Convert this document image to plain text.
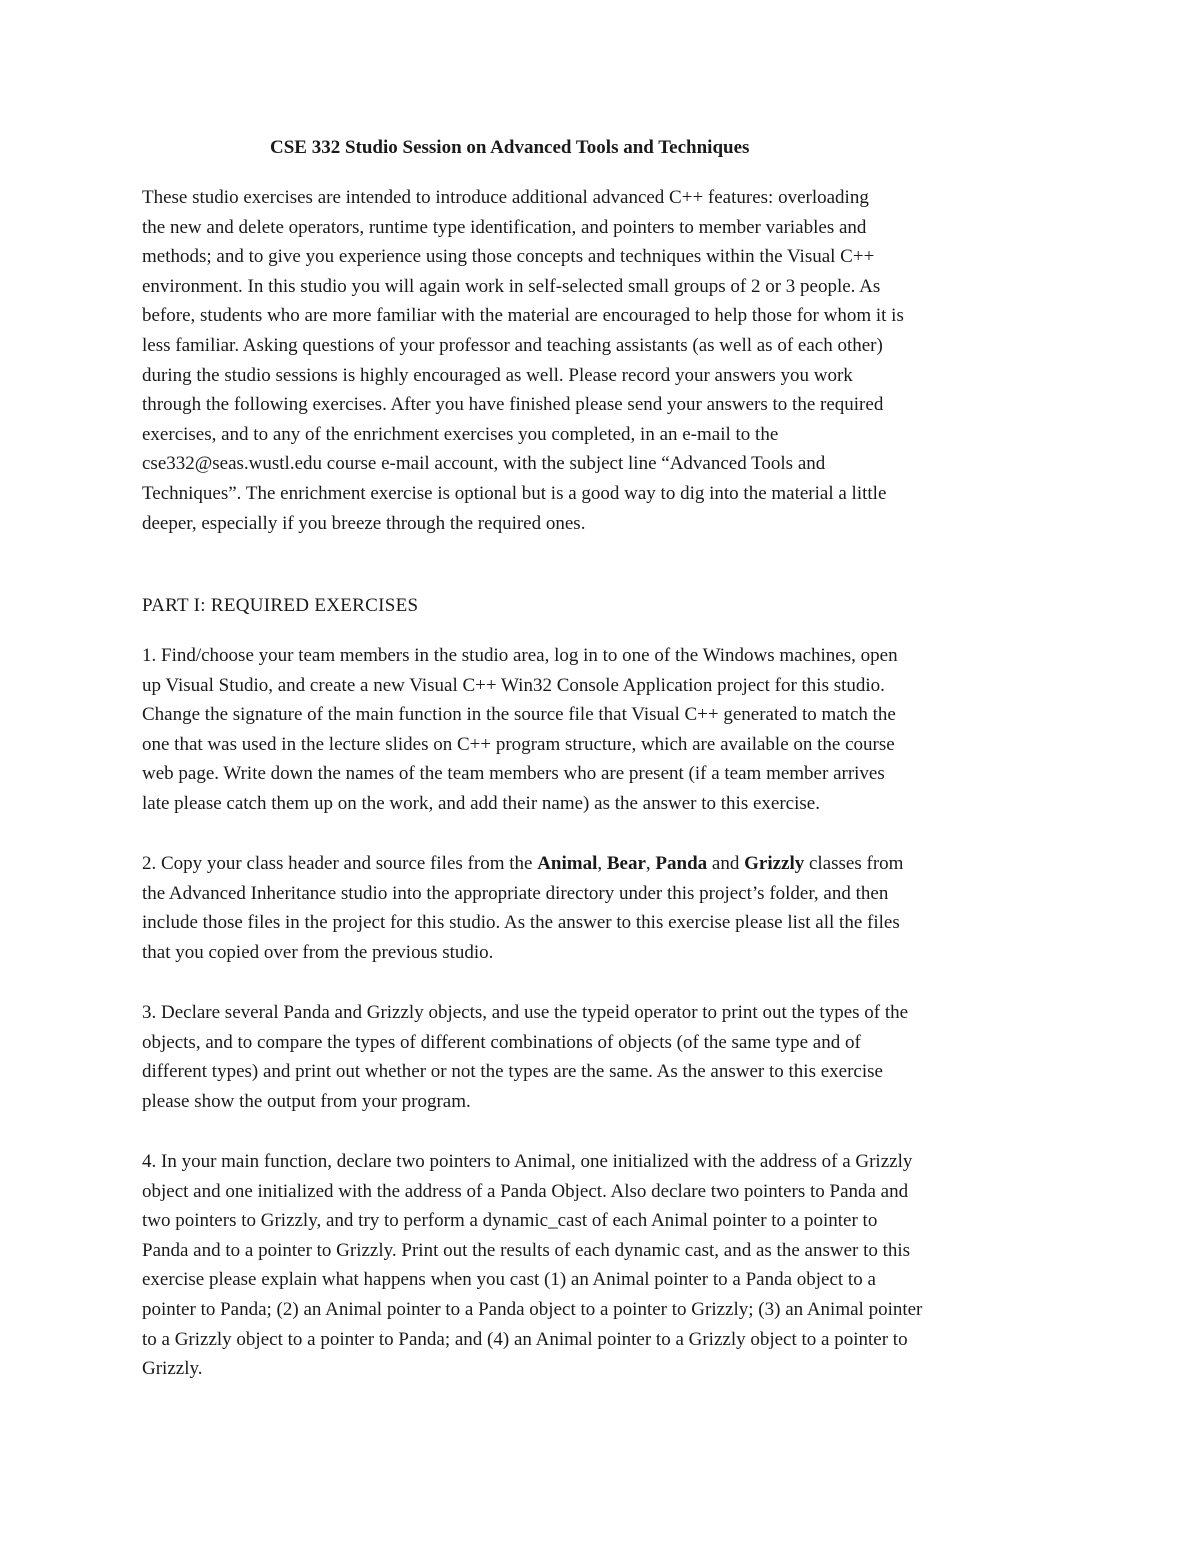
CSE 332 Studio Session on Advanced Tools and Techniques
These studio exercises are intended to introduce additional advanced C++ features: overloading
the new and delete operators, runtime type identification, and pointers to member variables and
methods; and to give you experience using those concepts and techniques within the Visual C++
environment. In this studio you will again work in self-selected small groups of 2 or 3 people. As
before, students who are more familiar with the material are encouraged to help those for whom it is
less familiar. Asking questions of your professor and teaching assistants (as well as of each other)
during the studio sessions is highly encouraged as well. Please record your answers you work
through the following exercises. After you have finished please send your answers to the required
exercises, and to any of the enrichment exercises you completed, in an e-mail to the
cse332@seas.wustl.edu course e-mail account, with the subject line “Advanced Tools and
Techniques”. The enrichment exercise is optional but is a good way to dig into the material a little
deeper, especially if you breeze through the required ones.
PART I: REQUIRED EXERCISES
1. Find/choose your team members in the studio area, log in to one of the Windows machines, open
up Visual Studio, and create a new Visual C++ Win32 Console Application project for this studio.
Change the signature of the main function in the source file that Visual C++ generated to match the
one that was used in the lecture slides on C++ program structure, which are available on the course
web page. Write down the names of the team members who are present (if a team member arrives
late please catch them up on the work, and add their name) as the answer to this exercise.
2. Copy your class header and source files from the Animal, Bear, Panda and Grizzly classes from
the Advanced Inheritance studio into the appropriate directory under this project’s folder, and then
include those files in the project for this studio. As the answer to this exercise please list all the files
that you copied over from the previous studio.
3. Declare several Panda and Grizzly objects, and use the typeid operator to print out the types of the
objects, and to compare the types of different combinations of objects (of the same type and of
different types) and print out whether or not the types are the same. As the answer to this exercise
please show the output from your program.
4. In your main function, declare two pointers to Animal, one initialized with the address of a Grizzly
object and one initialized with the address of a Panda Object. Also declare two pointers to Panda and
two pointers to Grizzly, and try to perform a dynamic_cast of each Animal pointer to a pointer to
Panda and to a pointer to Grizzly. Print out the results of each dynamic cast, and as the answer to this
exercise please explain what happens when you cast (1) an Animal pointer to a Panda object to a
pointer to Panda; (2) an Animal pointer to a Panda object to a pointer to Grizzly; (3) an Animal pointer
to a Grizzly object to a pointer to Panda; and (4) an Animal pointer to a Grizzly object to a pointer to
Grizzly.
